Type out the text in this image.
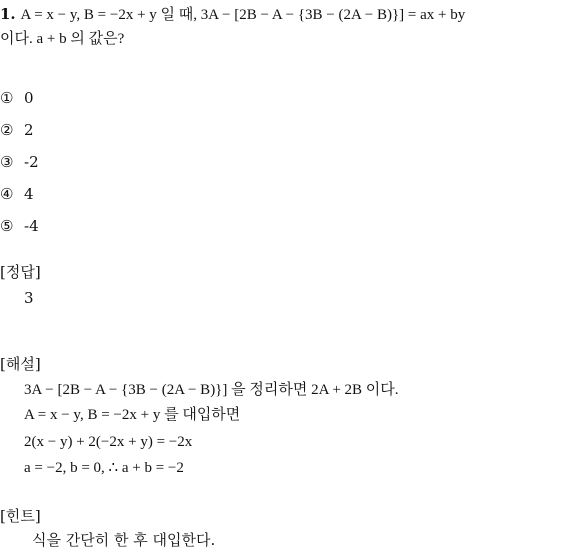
1. A = x − y, B = −2x + y 일 때, 3A − [2B − A − {3B − (2A − B)}] = ax + by
이다. a + b 의 값은?
① 0
② 2
③ -2
④ 4
⑤ -4
[정답]
3
[해설]
3A − [2B − A − {3B − (2A − B)}] 을 정리하면 2A + 2B 이다.
A = x − y, B = −2x + y 를 대입하면
2(x − y) + 2(−2x + y) = −2x
a = −2, b = 0, ∴ a + b = −2
[힌트]
식을 간단히 한 후 대입한다.
